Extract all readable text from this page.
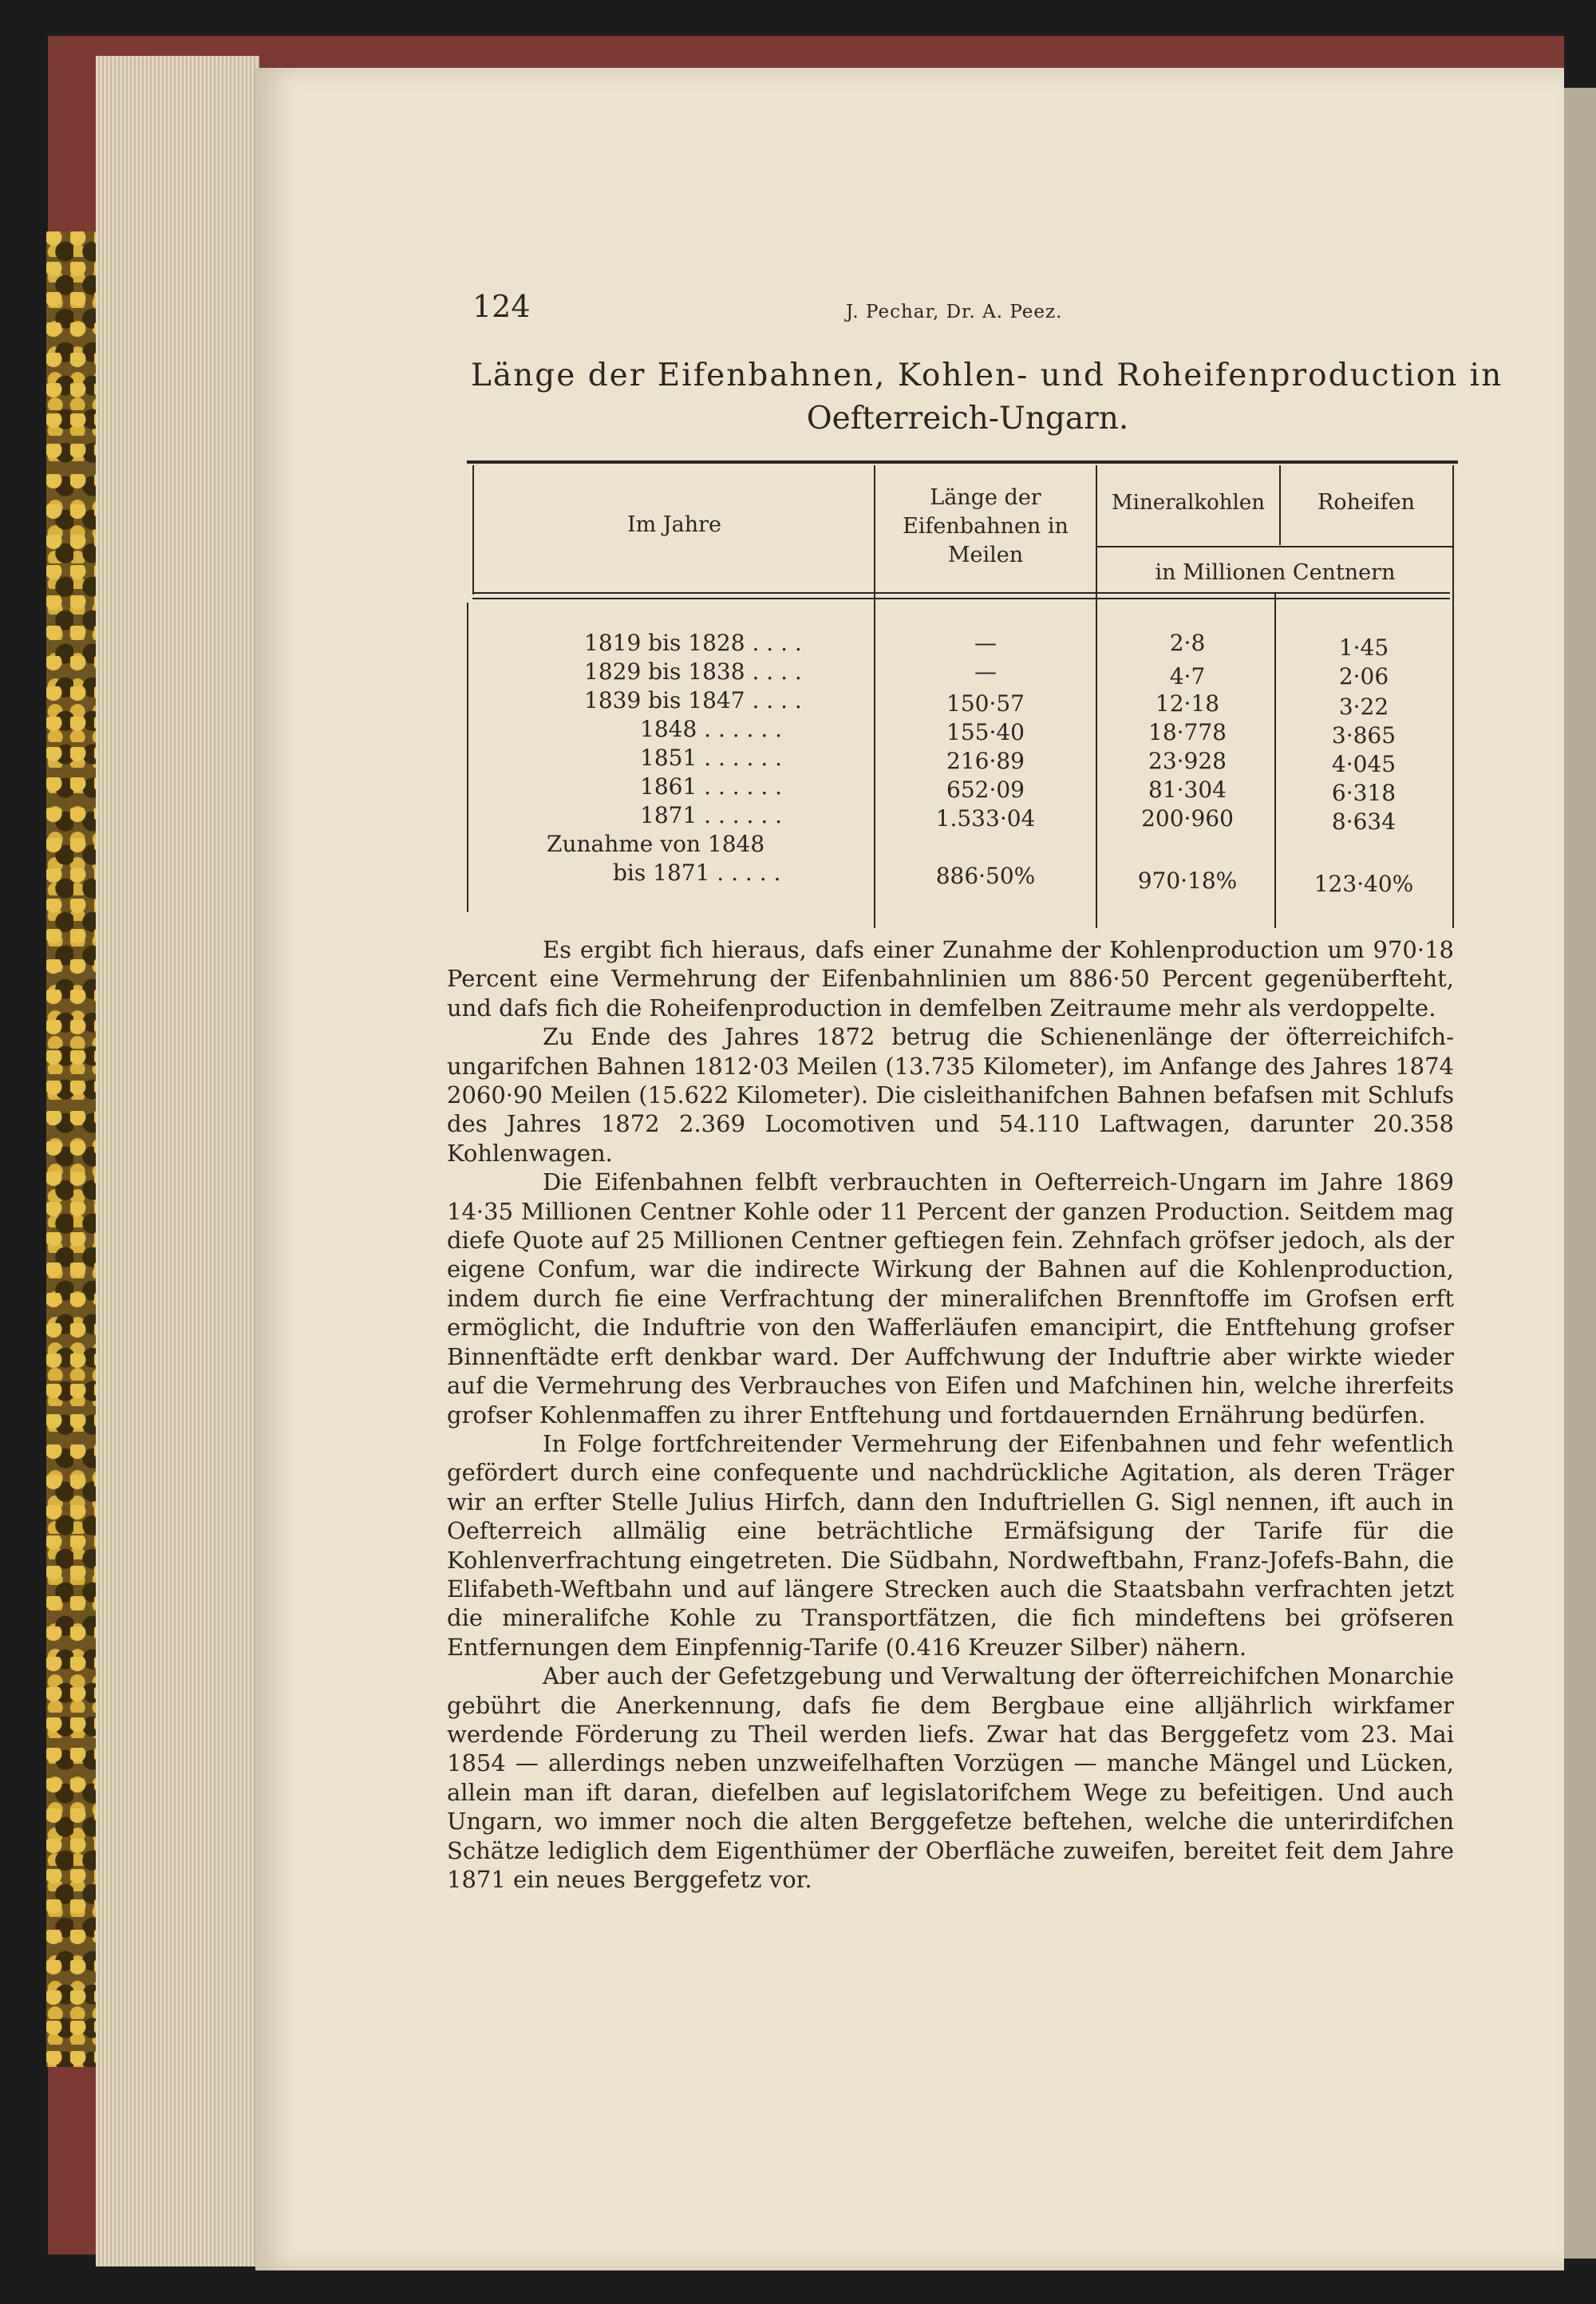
124	J. Pechar, Dr. A. Peez.
Länge der Eifenbahnen, Kohlen- und Roheifenproduction in
Oefterreich-Ungarn.
Im Jahre
Länge der
Eifenbahnen in
Meilen
Mineralkohlen	Roheifen
in Millionen Centnern
1819 bis 1828 . . . .	—	2·8	1·45
1829 bis 1838 . . . .	—	4·7	2·06
1839 bis 1847 . . . .	150·57	12·18	3·22
1848 . . . . . .	155·40	18·778	3·865
1851 . . . . . .	216·89	23·928	4·045
1861 . . . . . .	652·09	81·304	6·318
1871 . . . . . .	1.533·04	200·960	8·634
Zunahme von 1848
bis 1871 . . . . .	886·50%	970·18%	123·40%

Es ergibt fich hieraus, dafs einer Zunahme der Kohlenproduction um 970·18 Percent eine Vermehrung der Eifenbahnlinien um 886·50 Percent gegenüberfteht, und dafs fich die Roheifenproduction in demfelben Zeitraume mehr als verdoppelte.

Zu Ende des Jahres 1872 betrug die Schienenlänge der öfterreichifch-ungarifchen Bahnen 1812·03 Meilen (13.735 Kilometer), im Anfange des Jahres 1874 2060·90 Meilen (15.622 Kilometer). Die cisleithanifchen Bahnen befafsen mit Schlufs des Jahres 1872 2.369 Locomotiven und 54.110 Laftwagen, darunter 20.358 Kohlenwagen.

Die Eifenbahnen felbft verbrauchten in Oefterreich-Ungarn im Jahre 1869 14·35 Millionen Centner Kohle oder 11 Percent der ganzen Production. Seitdem mag diefe Quote auf 25 Millionen Centner geftiegen fein. Zehnfach gröfser jedoch, als der eigene Confum, war die indirecte Wirkung der Bahnen auf die Kohlenproduction, indem durch fie eine Verfrachtung der mineralifchen Brennftoffe im Grofsen erft ermöglicht, die Induftrie von den Wafferläufen emancipirt, die Entftehung grofser Binnenftädte erft denkbar ward. Der Auffchwung der Induftrie aber wirkte wieder auf die Vermehrung des Verbrauches von Eifen und Mafchinen hin, welche ihrerfeits grofser Kohlenmaffen zu ihrer Entftehung und fortdauernden Ernährung bedürfen.

In Folge fortfchreitender Vermehrung der Eifenbahnen und fehr wefentlich gefördert durch eine confequente und nachdrückliche Agitation, als deren Träger wir an erfter Stelle Julius Hirfch, dann den Induftriellen G. Sigl nennen, ift auch in Oefterreich allmälig eine beträchtliche Ermäfsigung der Tarife für die Kohlenverfrachtung eingetreten. Die Südbahn, Nordweftbahn, Franz-Jofefs-Bahn, die Elifabeth-Weftbahn und auf längere Strecken auch die Staatsbahn verfrachten jetzt die mineralifche Kohle zu Transportfätzen, die fich mindeftens bei gröfseren Entfernungen dem Einpfennig-Tarife (0.416 Kreuzer Silber) nähern.

Aber auch der Gefetzgebung und Verwaltung der öfterreichifchen Monarchie gebührt die Anerkennung, dafs fie dem Bergbaue eine alljährlich wirkfamer werdende Förderung zu Theil werden liefs. Zwar hat das Berggefetz vom 23. Mai 1854 — allerdings neben unzweifelhaften Vorzügen — manche Mängel und Lücken, allein man ift daran, diefelben auf legislatorifchem Wege zu befeitigen. Und auch Ungarn, wo immer noch die alten Berggefetze beftehen, welche die unterirdifchen Schätze lediglich dem Eigenthümer der Oberfläche zuweifen, bereitet feit dem Jahre 1871 ein neues Berggefetz vor.
